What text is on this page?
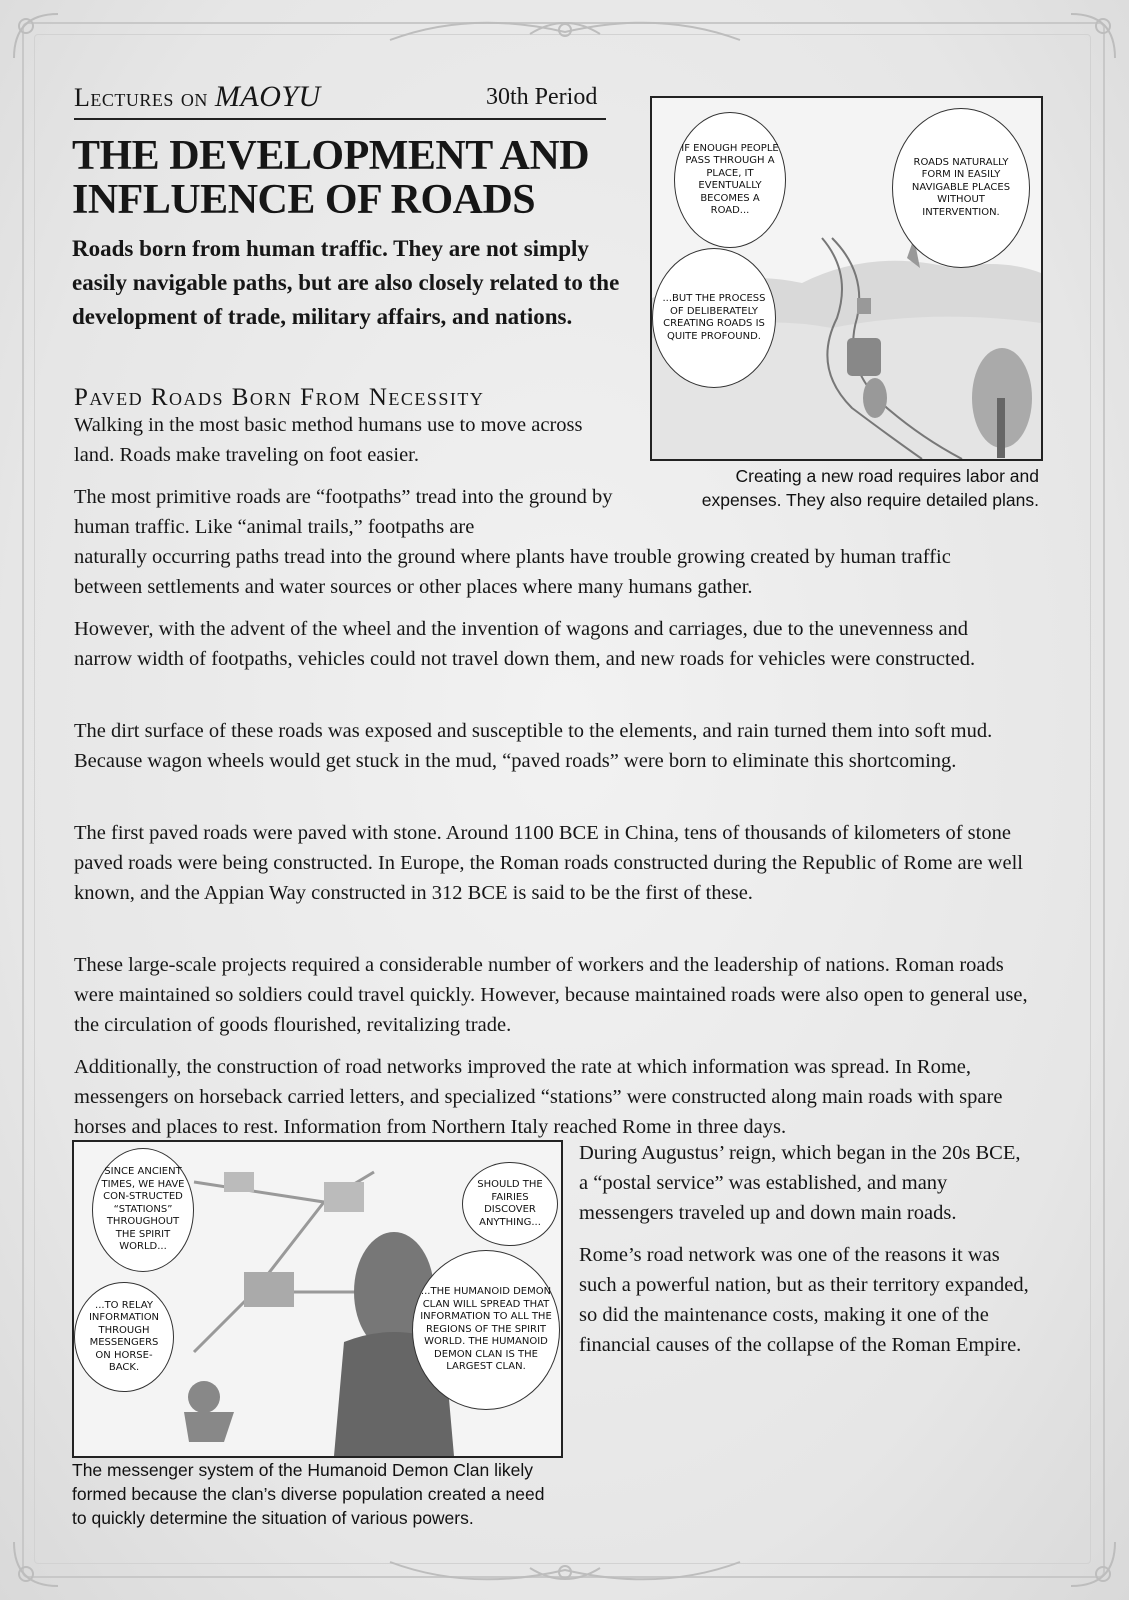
Lectures on MAOYU	30th Period
THE DEVELOPMENT AND
INFLUENCE OF ROADS
Roads born from human traffic. They are not simply easily navigable paths, but are also closely related to the development of trade, military affairs, and nations.
Paved Roads Born From Necessity

Walking in the most basic method humans use to move across land. Roads make traveling on foot easier.

The most primitive roads are “footpaths” tread into the ground by human traffic. Like “animal trails,” footpaths are

naturally occurring paths tread into the ground where plants have trouble growing created by human traffic between settlements and water sources or other places where many humans gather.

However, with the advent of the wheel and the invention of wagons and carriages, due to the unevenness and narrow width of footpaths, vehicles could not travel down them, and new roads for vehicles were constructed.

The dirt surface of these roads was exposed and susceptible to the elements, and rain turned them into soft mud. Because wagon wheels would get stuck in the mud, “paved roads” were born to eliminate this shortcoming.

The first paved roads were paved with stone. Around 1100 BCE in China, tens of thousands of kilometers of stone paved roads were being constructed. In Europe, the Roman roads constructed during the Republic of Rome are well known, and the Appian Way constructed in 312 BCE is said to be the first of these.

These large-scale projects required a considerable number of workers and the leadership of nations. Roman roads were maintained so soldiers could travel quickly. However, because maintained roads were also open to general use, the circulation of goods flourished, revitalizing trade.

Additionally, the construction of road networks improved the rate at which information was spread. In Rome, messengers on horseback carried letters, and specialized “stations” were constructed along main roads with spare horses and places to rest. Information from Northern Italy reached Rome in three days.

During Augustus’ reign, which began in the 20s BCE, a “postal service” was established, and many messengers traveled up and down main roads.

Rome’s road network was one of the reasons it was such a powerful nation, but as their territory expanded, so did the maintenance costs, making it one of the financial causes of the collapse of the Roman Empire.

IF ENOUGH PEOPLE PASS THROUGH A PLACE, IT EVENTUALLY BECOMES A ROAD...
ROADS NATURALLY FORM IN EASILY NAVIGABLE PLACES WITHOUT INTERVENTION.
...BUT THE PROCESS OF DELIBERATELY CREATING ROADS IS QUITE PROFOUND.
Creating a new road requires labor and
expenses. They also require detailed plans.
SINCE ANCIENT TIMES, WE HAVE CON-STRUCTED “STATIONS” THROUGHOUT THE SPIRIT WORLD...
SHOULD THE FAIRIES DISCOVER ANYTHING...
...TO RELAY INFORMATION THROUGH MESSENGERS ON HORSE-BACK.
...THE HUMANOID DEMON CLAN WILL SPREAD THAT INFORMATION TO ALL THE REGIONS OF THE SPIRIT WORLD. THE HUMANOID DEMON CLAN IS THE LARGEST CLAN.
The messenger system of the Humanoid Demon Clan likely formed because the clan’s diverse population created a need to quickly determine the situation of various powers.
